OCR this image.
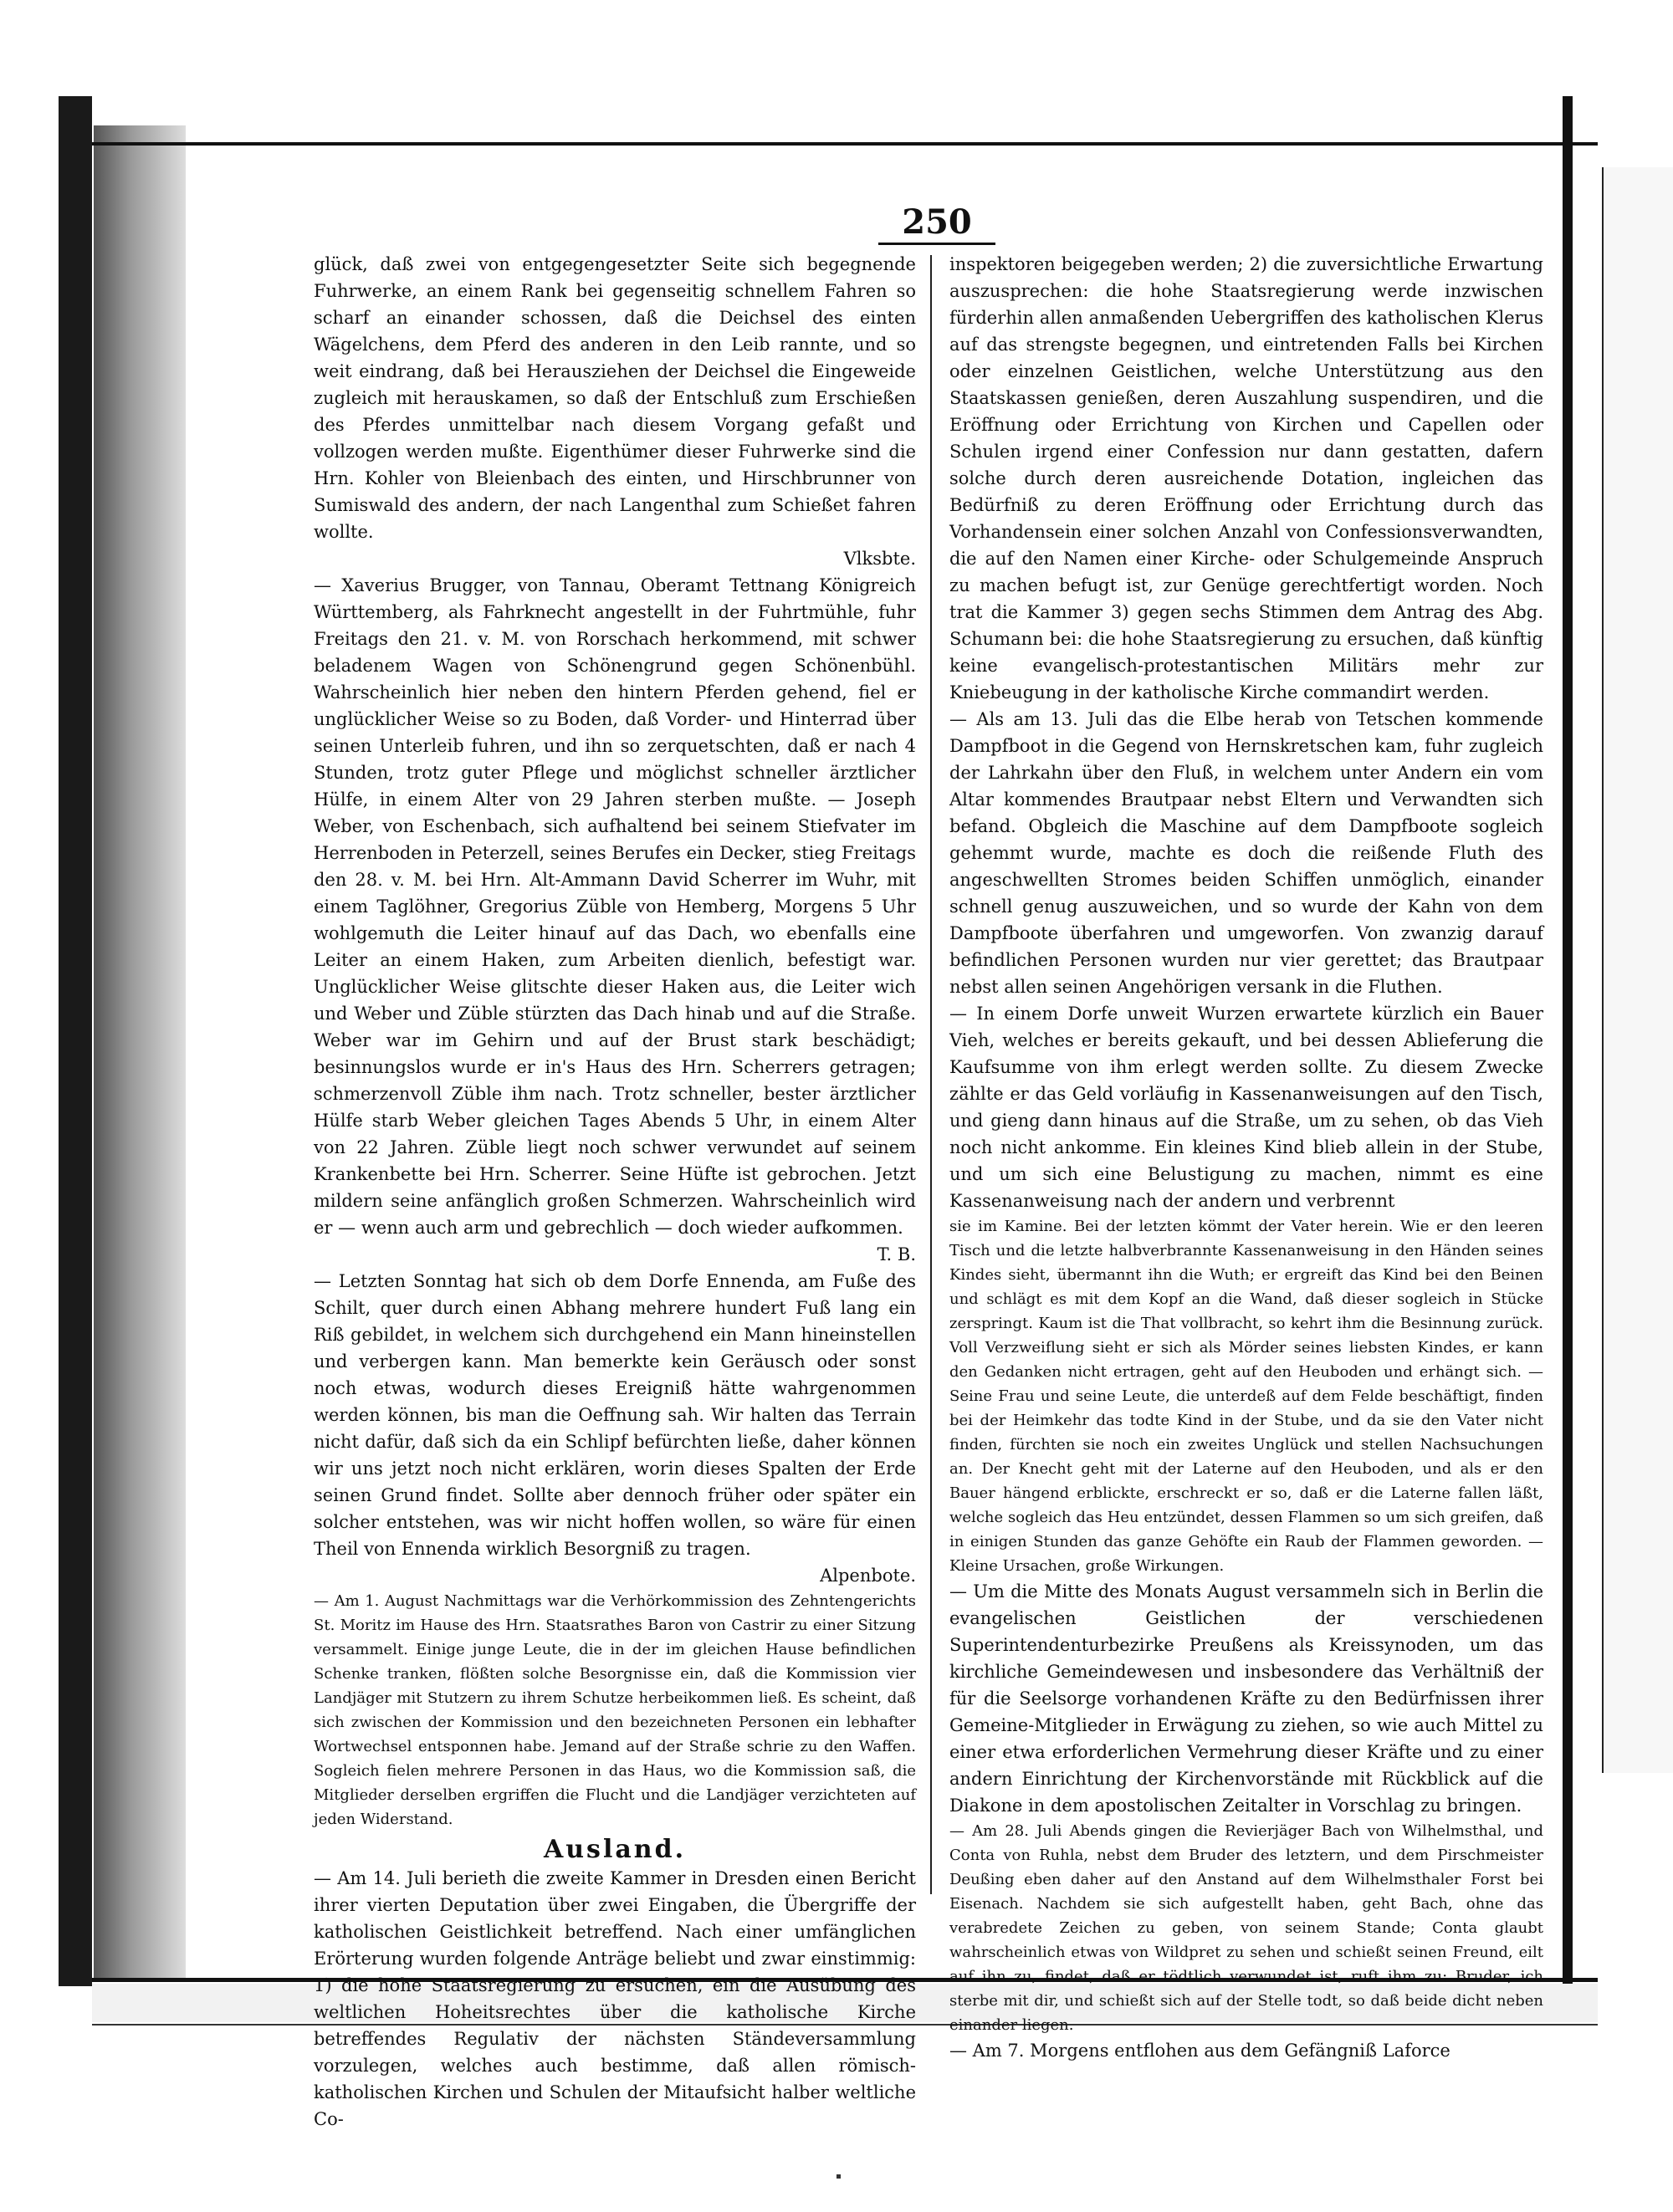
250

glück, daß zwei von entgegengesetzter Seite sich begegnende Fuhrwerke, an einem Rank bei gegenseitig schnellem Fahren so scharf an einander schossen, daß die Deichsel des einten Wägelchens, dem Pferd des anderen in den Leib rannte, und so weit eindrang, daß bei Herausziehen der Deichsel die Eingeweide zugleich mit herauskamen, so daß der Entschluß zum Erschießen des Pferdes unmittelbar nach diesem Vorgang gefaßt und vollzogen werden mußte. Eigenthümer dieser Fuhrwerke sind die Hrn. Kohler von Bleienbach des einten, und Hirschbrunner von Sumiswald des andern, der nach Langenthal zum Schießet fahren wollte.

Vlksbte.

— Xaverius Brugger, von Tannau, Oberamt Tettnang Königreich Württemberg, als Fahrknecht angestellt in der Fuhrtmühle, fuhr Freitags den 21. v. M. von Rorschach herkommend, mit schwer beladenem Wagen von Schönengrund gegen Schönenbühl. Wahrscheinlich hier neben den hintern Pferden gehend, fiel er unglücklicher Weise so zu Boden, daß Vorder- und Hinterrad über seinen Unterleib fuhren, und ihn so zerquetschten, daß er nach 4 Stunden, trotz guter Pflege und möglichst schneller ärztlicher Hülfe, in einem Alter von 29 Jahren sterben mußte. — Joseph Weber, von Eschenbach, sich aufhaltend bei seinem Stiefvater im Herrenboden in Peterzell, seines Berufes ein Decker, stieg Freitags den 28. v. M. bei Hrn. Alt-Ammann David Scherrer im Wuhr, mit einem Taglöhner, Gregorius Züble von Hemberg, Morgens 5 Uhr wohlgemuth die Leiter hinauf auf das Dach, wo ebenfalls eine Leiter an einem Haken, zum Arbeiten dienlich, befestigt war. Unglücklicher Weise glitschte dieser Haken aus, die Leiter wich und Weber und Züble stürzten das Dach hinab und auf die Straße. Weber war im Gehirn und auf der Brust stark beschädigt; besinnungslos wurde er in's Haus des Hrn. Scherrers getragen; schmerzenvoll Züble ihm nach. Trotz schneller, bester ärztlicher Hülfe starb Weber gleichen Tages Abends 5 Uhr, in einem Alter von 22 Jahren. Züble liegt noch schwer verwundet auf seinem Krankenbette bei Hrn. Scherrer. Seine Hüfte ist gebrochen. Jetzt mildern seine anfänglich großen Schmerzen. Wahrscheinlich wird er — wenn auch arm und gebrechlich — doch wieder aufkommen.

T. B.

— Letzten Sonntag hat sich ob dem Dorfe Ennenda, am Fuße des Schilt, quer durch einen Abhang mehrere hundert Fuß lang ein Riß gebildet, in welchem sich durchgehend ein Mann hineinstellen und verbergen kann. Man bemerkte kein Geräusch oder sonst noch etwas, wodurch dieses Ereigniß hätte wahrgenommen werden können, bis man die Oeffnung sah. Wir halten das Terrain nicht dafür, daß sich da ein Schlipf befürchten ließe, daher können wir uns jetzt noch nicht erklären, worin dieses Spalten der Erde seinen Grund findet. Sollte aber dennoch früher oder später ein solcher entstehen, was wir nicht hoffen wollen, so wäre für einen Theil von Ennenda wirklich Besorgniß zu tragen.

Alpenbote.

— Am 1. August Nachmittags war die Verhörkommission des Zehntengerichts St. Moritz im Hause des Hrn. Staatsrathes Baron von Castrir zu einer Sitzung versammelt. Einige junge Leute, die in der im gleichen Hause befindlichen Schenke tranken, flößten solche Besorgnisse ein, daß die Kommission vier Landjäger mit Stutzern zu ihrem Schutze herbeikommen ließ. Es scheint, daß sich zwischen der Kommission und den bezeichneten Personen ein lebhafter Wortwechsel entsponnen habe. Jemand auf der Straße schrie zu den Waffen. Sogleich fielen mehrere Personen in das Haus, wo die Kommission saß, die Mitglieder derselben ergriffen die Flucht und die Landjäger verzichteten auf jeden Widerstand.

Ausland.

— Am 14. Juli berieth die zweite Kammer in Dresden einen Bericht ihrer vierten Deputation über zwei Eingaben, die Übergriffe der katholischen Geistlichkeit betreffend. Nach einer umfänglichen Erörterung wurden folgende Anträge beliebt und zwar einstimmig: 1) die hohe Staatsregierung zu ersuchen, ein die Ausübung des weltlichen Hoheitsrechtes über die katholische Kirche betreffendes Regulativ der nächsten Ständeversammlung vorzulegen, welches auch bestimme, daß allen römisch-katholischen Kirchen und Schulen der Mitaufsicht halber weltliche Co-

inspektoren beigegeben werden; 2) die zuversichtliche Erwartung auszusprechen: die hohe Staatsregierung werde inzwischen fürderhin allen anmaßenden Uebergriffen des katholischen Klerus auf das strengste begegnen, und eintretenden Falls bei Kirchen oder einzelnen Geistlichen, welche Unterstützung aus den Staatskassen genießen, deren Auszahlung suspendiren, und die Eröffnung oder Errichtung von Kirchen und Capellen oder Schulen irgend einer Confession nur dann gestatten, dafern solche durch deren ausreichende Dotation, ingleichen das Bedürfniß zu deren Eröffnung oder Errichtung durch das Vorhandensein einer solchen Anzahl von Confessionsverwandten, die auf den Namen einer Kirche- oder Schulgemeinde Anspruch zu machen befugt ist, zur Genüge gerechtfertigt worden. Noch trat die Kammer 3) gegen sechs Stimmen dem Antrag des Abg. Schumann bei: die hohe Staatsregierung zu ersuchen, daß künftig keine evangelisch-protestantischen Militärs mehr zur Kniebeugung in der katholische Kirche commandirt werden.

— Als am 13. Juli das die Elbe herab von Tetschen kommende Dampfboot in die Gegend von Hernskretschen kam, fuhr zugleich der Lahrkahn über den Fluß, in welchem unter Andern ein vom Altar kommendes Brautpaar nebst Eltern und Verwandten sich befand. Obgleich die Maschine auf dem Dampfboote sogleich gehemmt wurde, machte es doch die reißende Fluth des angeschwellten Stromes beiden Schiffen unmöglich, einander schnell genug auszuweichen, und so wurde der Kahn von dem Dampfboote überfahren und umgeworfen. Von zwanzig darauf befindlichen Personen wurden nur vier gerettet; das Brautpaar nebst allen seinen Angehörigen versank in die Fluthen.

— In einem Dorfe unweit Wurzen erwartete kürzlich ein Bauer Vieh, welches er bereits gekauft, und bei dessen Ablieferung die Kaufsumme von ihm erlegt werden sollte. Zu diesem Zwecke zählte er das Geld vorläufig in Kassenanweisungen auf den Tisch, und gieng dann hinaus auf die Straße, um zu sehen, ob das Vieh noch nicht ankomme. Ein kleines Kind blieb allein in der Stube, und um sich eine Belustigung zu machen, nimmt es eine Kassenanweisung nach der andern und verbrennt

sie im Kamine. Bei der letzten kömmt der Vater herein. Wie er den leeren Tisch und die letzte halbverbrannte Kassenanweisung in den Händen seines Kindes sieht, übermannt ihn die Wuth; er ergreift das Kind bei den Beinen und schlägt es mit dem Kopf an die Wand, daß dieser sogleich in Stücke zerspringt. Kaum ist die That vollbracht, so kehrt ihm die Besinnung zurück. Voll Verzweiflung sieht er sich als Mörder seines liebsten Kindes, er kann den Gedanken nicht ertragen, geht auf den Heuboden und erhängt sich. — Seine Frau und seine Leute, die unterdeß auf dem Felde beschäftigt, finden bei der Heimkehr das todte Kind in der Stube, und da sie den Vater nicht finden, fürchten sie noch ein zweites Unglück und stellen Nachsuchungen an. Der Knecht geht mit der Laterne auf den Heuboden, und als er den Bauer hängend erblickte, erschreckt er so, daß er die Laterne fallen läßt, welche sogleich das Heu entzündet, dessen Flammen so um sich greifen, daß in einigen Stunden das ganze Gehöfte ein Raub der Flammen geworden. — Kleine Ursachen, große Wirkungen.

— Um die Mitte des Monats August versammeln sich in Berlin die evangelischen Geistlichen der verschiedenen Superintendenturbezirke Preußens als Kreissynoden, um das kirchliche Gemeindewesen und insbesondere das Verhältniß der für die Seelsorge vorhandenen Kräfte zu den Bedürfnissen ihrer Gemeine-Mitglieder in Erwägung zu ziehen, so wie auch Mittel zu einer etwa erforderlichen Vermehrung dieser Kräfte und zu einer andern Einrichtung der Kirchenvorstände mit Rückblick auf die Diakone in dem apostolischen Zeitalter in Vorschlag zu bringen.

— Am 28. Juli Abends gingen die Revierjäger Bach von Wilhelmsthal, und Conta von Ruhla, nebst dem Bruder des letztern, und dem Pirschmeister Deußing eben daher auf den Anstand auf dem Wilhelmsthaler Forst bei Eisenach. Nachdem sie sich aufgestellt haben, geht Bach, ohne das verabredete Zeichen zu geben, von seinem Stande; Conta glaubt wahrscheinlich etwas von Wildpret zu sehen und schießt seinen Freund, eilt auf ihn zu, findet, daß er tödtlich verwundet ist, ruft ihm zu: Bruder, ich sterbe mit dir, und schießt sich auf der Stelle todt, so daß beide dicht neben einander liegen.

— Am 7. Morgens entflohen aus dem Gefängniß Laforce
